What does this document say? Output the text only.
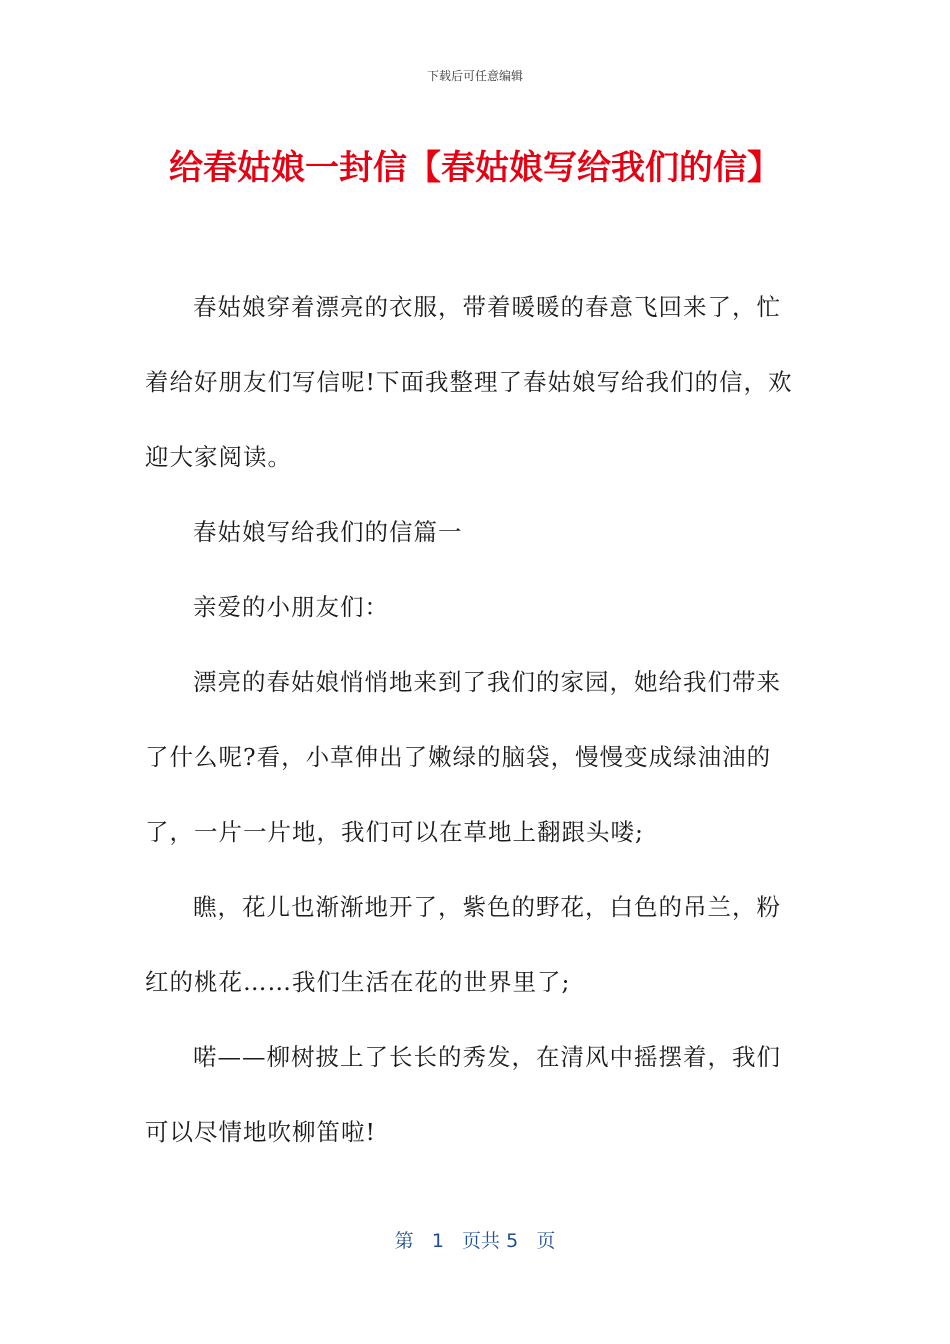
下载后可任意编辑
给春姑娘一封信【春姑娘写给我们的信】

春姑娘穿着漂亮的衣服，带着暖暖的春意飞回来了，忙着给好朋友们写信呢!下面我整理了春姑娘写给我们的信，欢迎大家阅读。

春姑娘写给我们的信篇一

亲爱的小朋友们：

漂亮的春姑娘悄悄地来到了我们的家园，她给我们带来了什么呢?看，小草伸出了嫩绿的脑袋，慢慢变成绿油油的了，一片一片地，我们可以在草地上翻跟头喽;

瞧，花儿也渐渐地开了，紫色的野花，白色的吊兰，粉红的桃花……我们生活在花的世界里了;

喏——柳树披上了长长的秀发，在清风中摇摆着，我们可以尽情地吹柳笛啦!

第 1 页共 5 页
